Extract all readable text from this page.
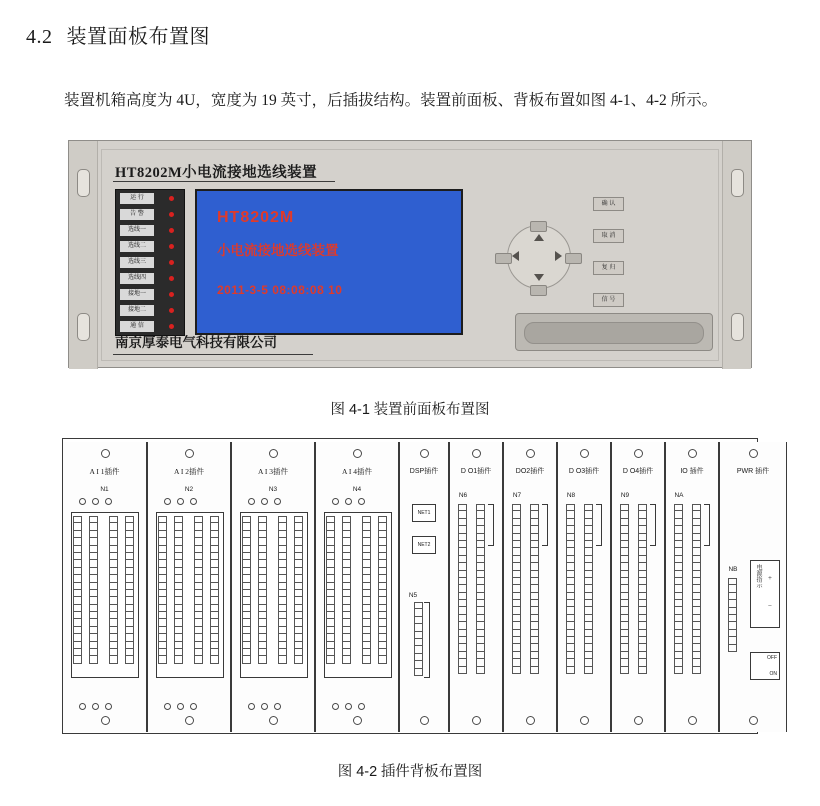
4.2 装置面板布置图
装置机箱高度为 4U，宽度为 19 英寸，后插拔结构。装置前面板、背板布置如图 4-1、4-2 所示。
HT8202M小电流接地选线装置
运 行
告 警
选线一
选线二
选线三
选线四
接地一
接地二
通 信
HT8202M
小电流接地选线装置
2011-3-5 08:08:08 10
确 认
取 消
复 归
信 号
南京厚泰电气科技有限公司
图 4-1 装置前面板布置图
A I 1插件
N1
A I 2插件
N2
A I 3插件
N3
A I 4插件
N4
DSP插件
N5
NET1
NET2
D O1插件
N6
DO2插件
N7
D O3插件
N8
D O4插件
N9
IO 插件
NA
PWR 插件
NB	电源指示 +
−
OFF
ON
图 4-2 插件背板布置图
